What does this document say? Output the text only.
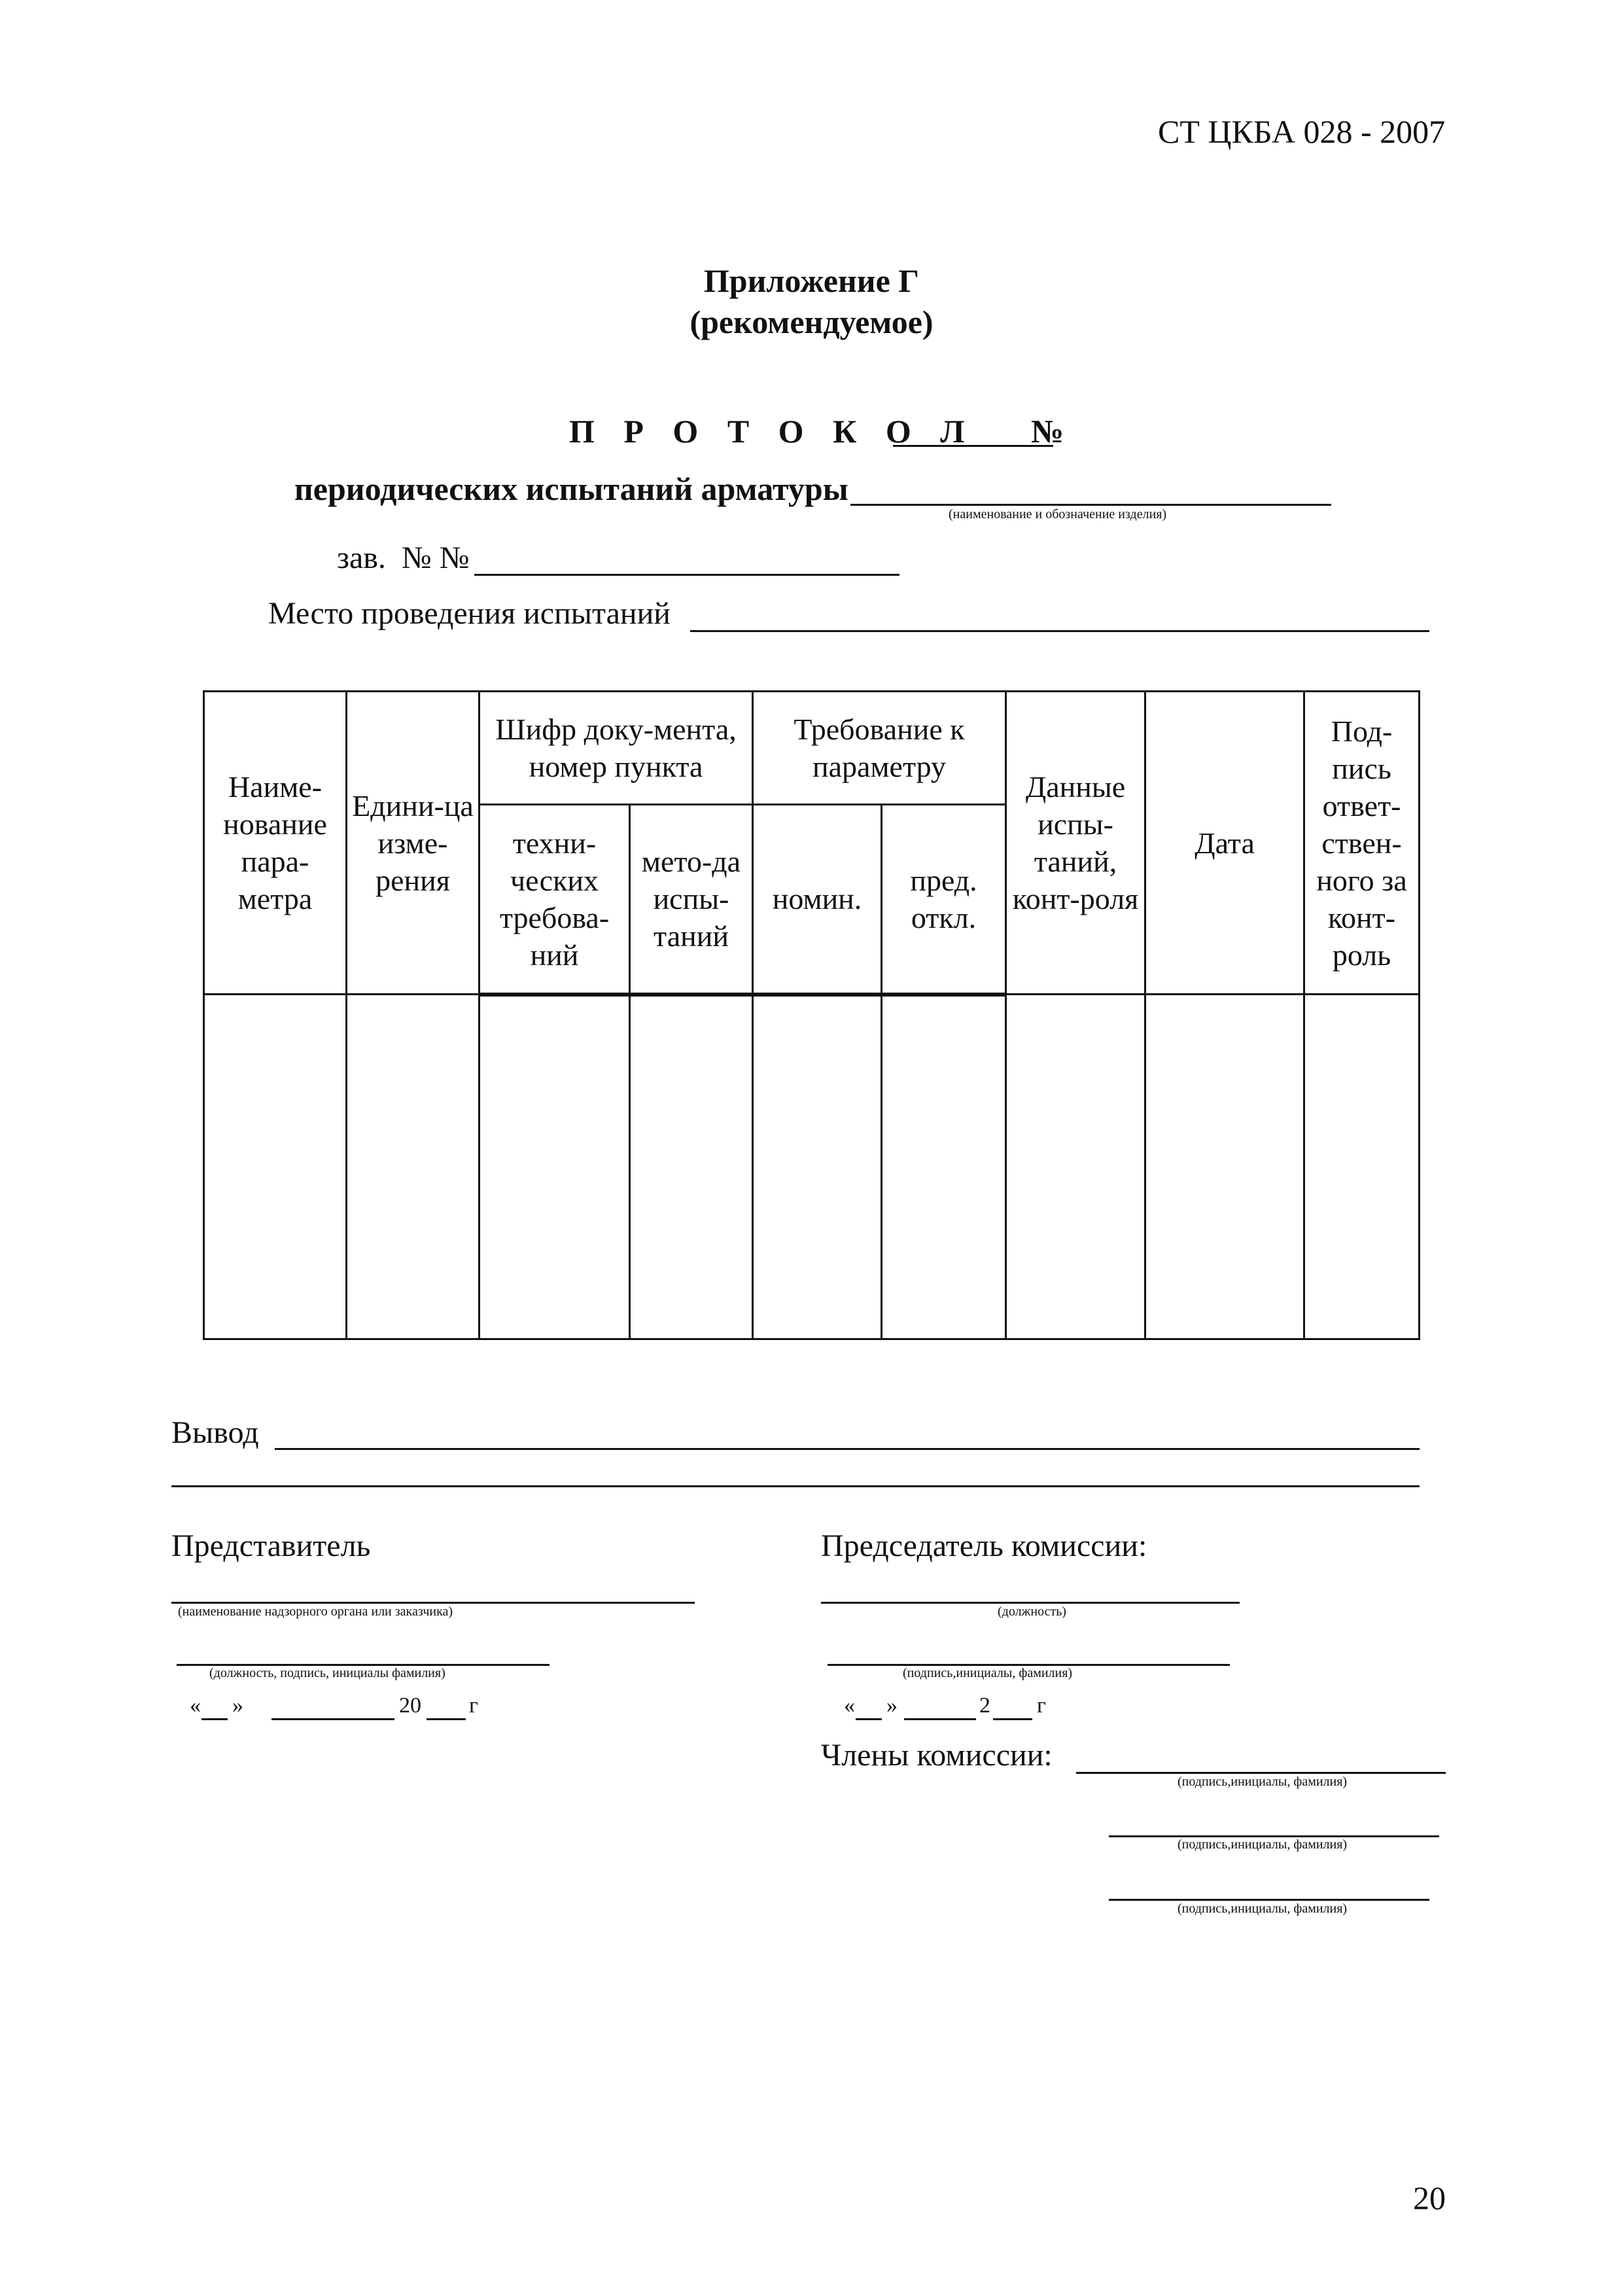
СТ ЦКБА 028 - 2007
Приложение Г
(рекомендуемое)
П Р О Т О К О Л   №
периодических испытаний арматуры
(наименование и обозначение изделия)
зав.  № №
Место проведения испытаний
Наиме-нование пара-метра	Едини-ца изме-рения	Шифр доку-мента, номер пункта		Требование к параметру		Данные испы-таний, конт-роля	Дата	Под-пись ответ-ствен-ного за конт-роль
		техни-ческих требова-ний	мето-да испы-таний	номин.	пред. откл.			

Вывод
Представитель
(наименование надзорного органа или заказчика)
(должность, подпись, инициалы фамилия)
« »	20 г
Председатель комиссии:
(должность)
(подпись,инициалы, фамилия)
« »	2 г
Члены комиссии:
(подпись,инициалы, фамилия)
(подпись,инициалы, фамилия)
(подпись,инициалы, фамилия)
20
